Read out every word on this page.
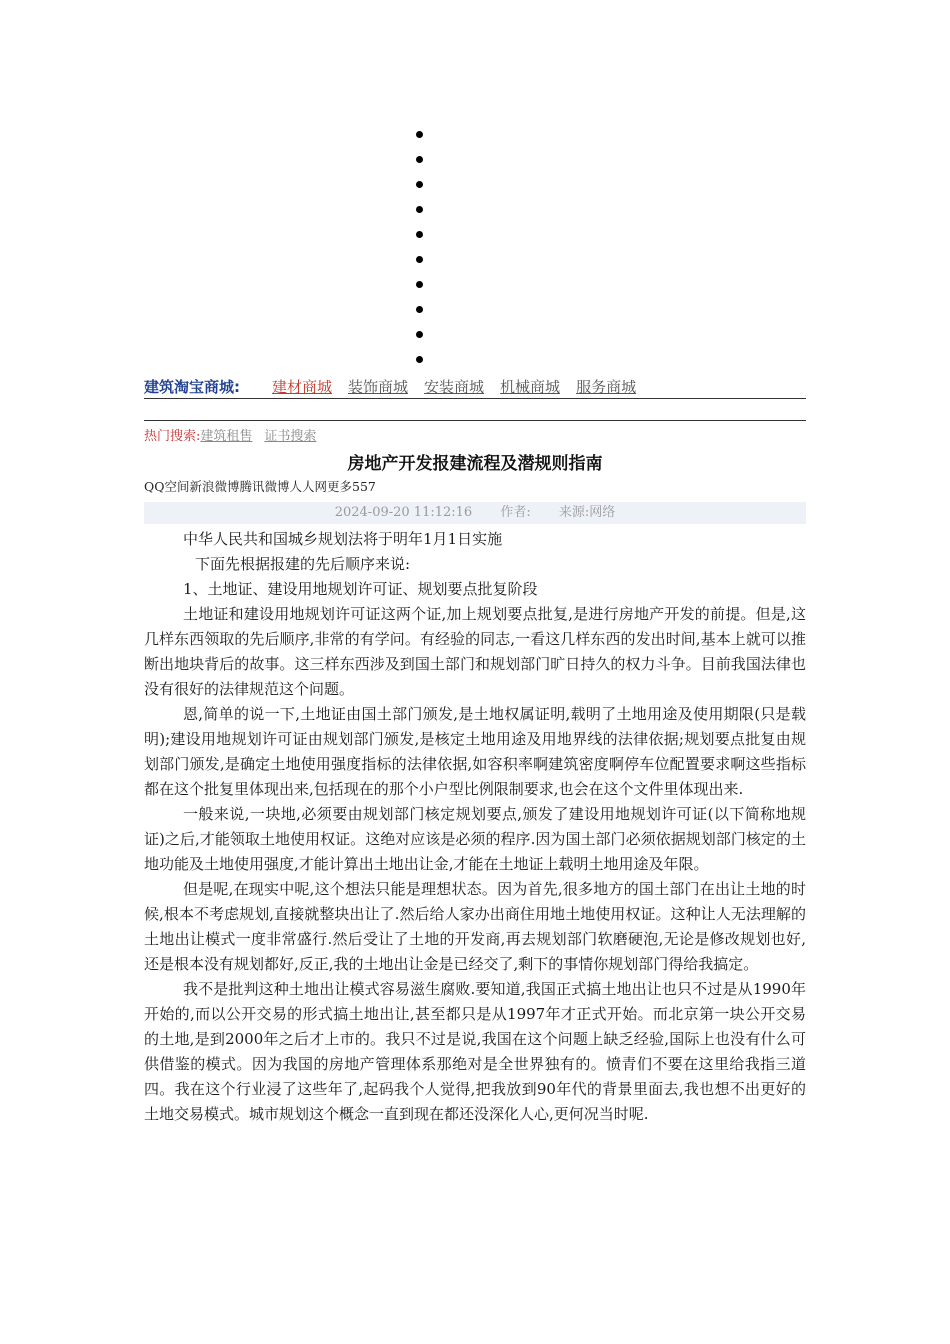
建筑淘宝商城:	建材商城 装饰商城 安装商城 机械商城 服务商城
热门搜索:建筑租售 证书搜索
房地产开发报建流程及潜规则指南
QQ空间新浪微博腾讯微博人人网更多557
2024-09-20 11:12:16 作者: 来源:网络

中华人民共和国城乡规划法将于明年1月1日实施

下面先根据报建的先后顺序来说:

1、土地证、建设用地规划许可证、规划要点批复阶段

土地证和建设用地规划许可证这两个证,加上规划要点批复,是进行房地产开发的前提。但是,这几样东西领取的先后顺序,非常的有学问。有经验的同志,一看这几样东西的发出时间,基本上就可以推断出地块背后的故事。这三样东西涉及到国土部门和规划部门旷日持久的权力斗争。目前我国法律也没有很好的法律规范这个问题。

恩,简单的说一下,土地证由国土部门颁发,是土地权属证明,载明了土地用途及使用期限(只是载明);建设用地规划许可证由规划部门颁发,是核定土地用途及用地界线的法律依据;规划要点批复由规划部门颁发,是确定土地使用强度指标的法律依据,如容积率啊建筑密度啊停车位配置要求啊这些指标都在这个批复里体现出来,包括现在的那个小户型比例限制要求,也会在这个文件里体现出来.

一般来说,一块地,必须要由规划部门核定规划要点,颁发了建设用地规划许可证(以下简称地规证)之后,才能领取土地使用权证。这绝对应该是必须的程序.因为国土部门必须依据规划部门核定的土地功能及土地使用强度,才能计算出土地出让金,才能在土地证上载明土地用途及年限。

但是呢,在现实中呢,这个想法只能是理想状态。因为首先,很多地方的国土部门在出让土地的时候,根本不考虑规划,直接就整块出让了.然后给人家办出商住用地土地使用权证。这种让人无法理解的土地出让模式一度非常盛行.然后受让了土地的开发商,再去规划部门软磨硬泡,无论是修改规划也好,还是根本没有规划都好,反正,我的土地出让金是已经交了,剩下的事情你规划部门得给我搞定。

我不是批判这种土地出让模式容易滋生腐败.要知道,我国正式搞土地出让也只不过是从1990年开始的,而以公开交易的形式搞土地出让,甚至都只是从1997年才正式开始。而北京第一块公开交易的土地,是到2000年之后才上市的。我只不过是说,我国在这个问题上缺乏经验,国际上也没有什么可供借鉴的模式。因为我国的房地产管理体系那绝对是全世界独有的。愤青们不要在这里给我指三道四。我在这个行业浸了这些年了,起码我个人觉得,把我放到90年代的背景里面去,我也想不出更好的土地交易模式。城市规划这个概念一直到现在都还没深化人心,更何况当时呢.
